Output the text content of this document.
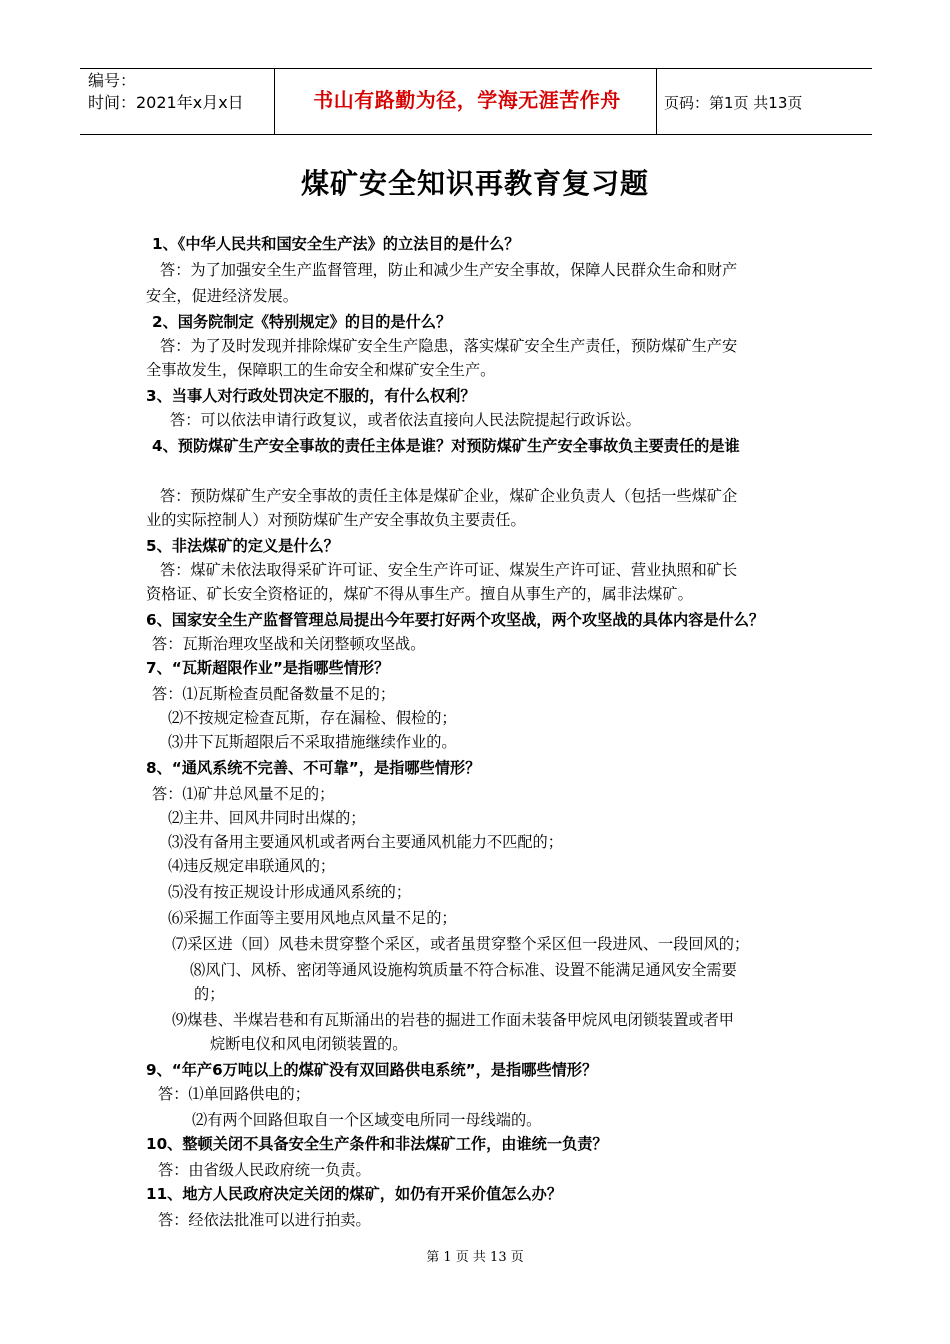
编号：
时间：2021年x月x日	书山有路勤为径，学海无涯苦作舟	页码：第1页 共13页
煤矿安全知识再教育复习题
1、《中华人民共和国安全生产法》的立法目的是什么？
答：为了加强安全生产监督管理，防止和减少生产安全事故，保障人民群众生命和财产
安全，促进经济发展。
2、国务院制定《特别规定》的目的是什么？
答：为了及时发现并排除煤矿安全生产隐患，落实煤矿安全生产责任，预防煤矿生产安
全事故发生，保障职工的生命安全和煤矿安全生产。
3、当事人对行政处罚决定不服的，有什么权利？
答：可以依法申请行政复议，或者依法直接向人民法院提起行政诉讼。
4、预防煤矿生产安全事故的责任主体是谁？对预防煤矿生产安全事故负主要责任的是谁
答：预防煤矿生产安全事故的责任主体是煤矿企业，煤矿企业负责人（包括一些煤矿企
业的实际控制人）对预防煤矿生产安全事故负主要责任。
5、非法煤矿的定义是什么？
答：煤矿未依法取得采矿许可证、安全生产许可证、煤炭生产许可证、营业执照和矿长
资格证、矿长安全资格证的，煤矿不得从事生产。擅自从事生产的，属非法煤矿。
6、国家安全生产监督管理总局提出今年要打好两个攻坚战，两个攻坚战的具体内容是什么？
答：瓦斯治理攻坚战和关闭整顿攻坚战。
7、“瓦斯超限作业”是指哪些情形？
答：⑴瓦斯检查员配备数量不足的；
⑵不按规定检查瓦斯，存在漏检、假检的；
⑶井下瓦斯超限后不采取措施继续作业的。
8、“通风系统不完善、不可靠”，是指哪些情形？
答：⑴矿井总风量不足的；
⑵主井、回风井同时出煤的；
⑶没有备用主要通风机或者两台主要通风机能力不匹配的；
⑷违反规定串联通风的；
⑸没有按正规设计形成通风系统的；
⑹采掘工作面等主要用风地点风量不足的；
⑺采区进（回）风巷未贯穿整个采区，或者虽贯穿整个采区但一段进风、一段回风的；
⑻风门、风桥、密闭等通风设施构筑质量不符合标准、设置不能满足通风安全需要
的；
⑼煤巷、半煤岩巷和有瓦斯涌出的岩巷的掘进工作面未装备甲烷风电闭锁装置或者甲
烷断电仪和风电闭锁装置的。
9、“年产6万吨以上的煤矿没有双回路供电系统”，是指哪些情形？
答：⑴单回路供电的；
⑵有两个回路但取自一个区域变电所同一母线端的。
10、整顿关闭不具备安全生产条件和非法煤矿工作，由谁统一负责？
答：由省级人民政府统一负责。
11、地方人民政府决定关闭的煤矿，如仍有开采价值怎么办？
答：经依法批准可以进行拍卖。
第 1 页 共 13 页
